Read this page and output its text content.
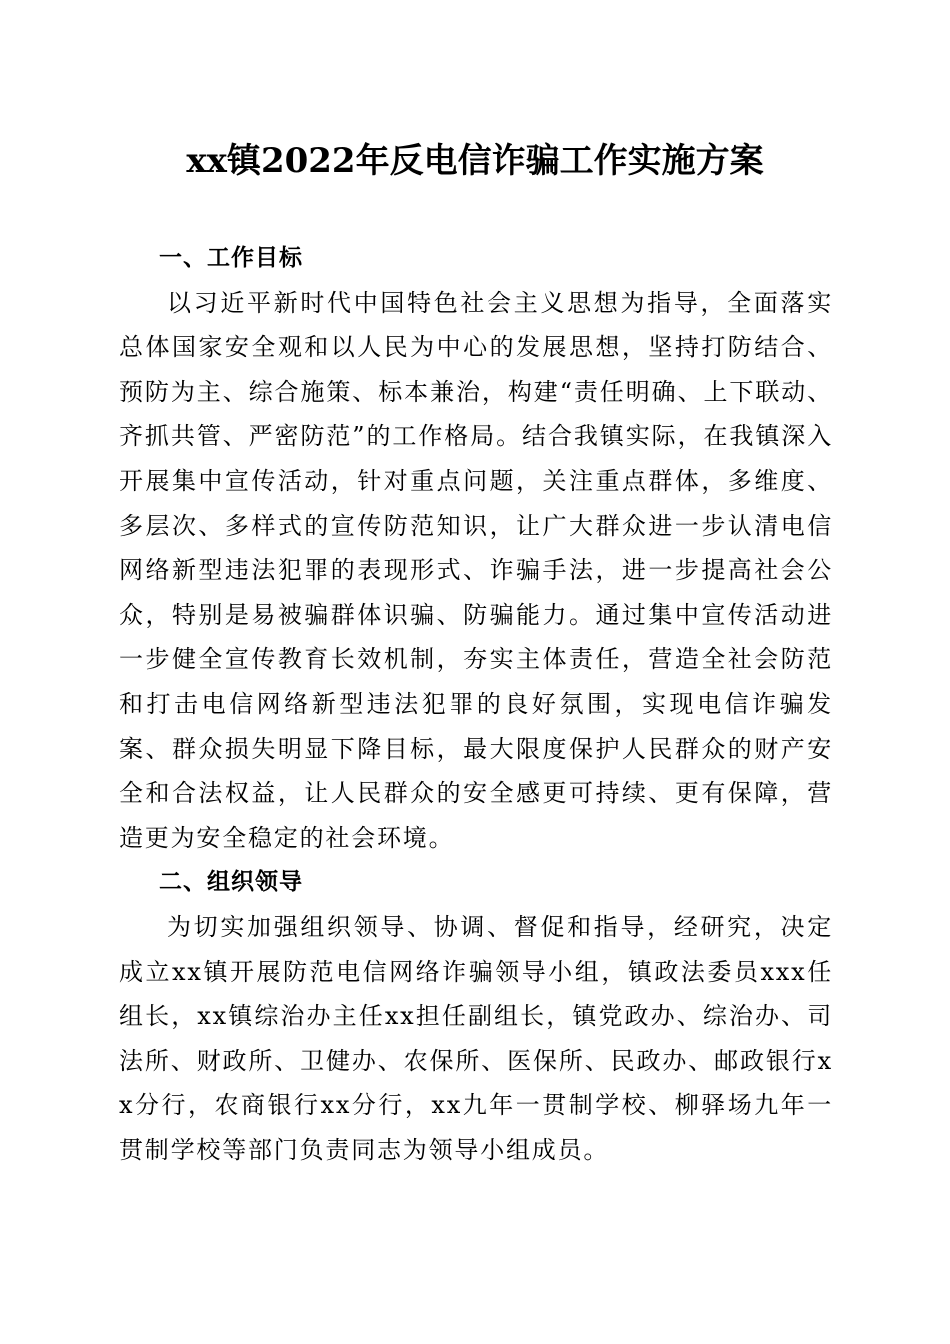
xx镇2022年反电信诈骗工作实施方案
一、工作目标

以习近平新时代中国特色社会主义思想为指导，全面落实总体国家安全观和以人民为中心的发展思想，坚持打防结合、预防为主、综合施策、标本兼治，构建“责任明确、上下联动、齐抓共管、严密防范”的工作格局。结合我镇实际，在我镇深入开展集中宣传活动，针对重点问题，关注重点群体，多维度、多层次、多样式的宣传防范知识，让广大群众进一步认清电信网络新型违法犯罪的表现形式、诈骗手法，进一步提高社会公众，特别是易被骗群体识骗、防骗能力。通过集中宣传活动进一步健全宣传教育长效机制，夯实主体责任，营造全社会防范和打击电信网络新型违法犯罪的良好氛围，实现电信诈骗发案、群众损失明显下降目标，最大限度保护人民群众的财产安全和合法权益，让人民群众的安全感更可持续、更有保障，营造更为安全稳定的社会环境。

二、组织领导

为切实加强组织领导、协调、督促和指导，经研究，决定成立xx镇开展防范电信网络诈骗领导小组，镇政法委员xxx任组长，xx镇综治办主任xx担任副组长，镇党政办、综治办、司法所、财政所、卫健办、农保所、医保所、民政办、邮政银行xx分行，农商银行xx分行，xx九年一贯制学校、柳驿场九年一贯制学校等部门负责同志为领导小组成员。
